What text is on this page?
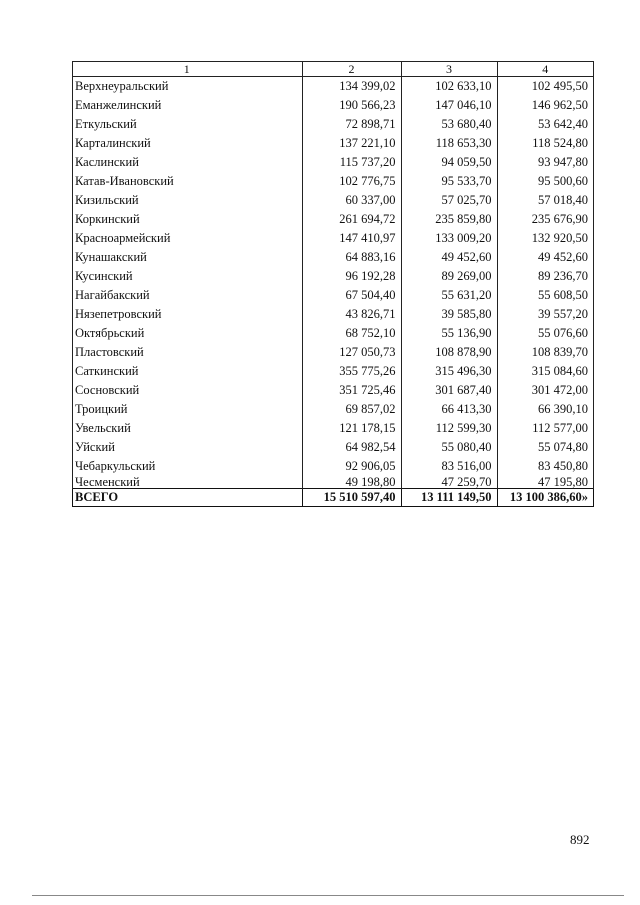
1	2	3	4
Верхнеуральский	134 399,02	102 633,10	102 495,50
Еманжелинский	190 566,23	147 046,10	146 962,50
Еткульский	72 898,71	53 680,40	53 642,40
Карталинский	137 221,10	118 653,30	118 524,80
Каслинский	115 737,20	94 059,50	93 947,80
Катав-Ивановский	102 776,75	95 533,70	95 500,60
Кизильский	60 337,00	57 025,70	57 018,40
Коркинский	261 694,72	235 859,80	235 676,90
Красноармейский	147 410,97	133 009,20	132 920,50
Кунашакский	64 883,16	49 452,60	49 452,60
Кусинский	96 192,28	89 269,00	89 236,70
Нагайбакский	67 504,40	55 631,20	55 608,50
Нязепетровский	43 826,71	39 585,80	39 557,20
Октябрьский	68 752,10	55 136,90	55 076,60
Пластовский	127 050,73	108 878,90	108 839,70
Саткинский	355 775,26	315 496,30	315 084,60
Сосновский	351 725,46	301 687,40	301 472,00
Троицкий	69 857,02	66 413,30	66 390,10
Увельский	121 178,15	112 599,30	112 577,00
Уйский	64 982,54	55 080,40	55 074,80
Чебаркульский	92 906,05	83 516,00	83 450,80
Чесменский	49 198,80	47 259,70	47 195,80
ВСЕГО	15 510 597,40	13 111 149,50	13 100 386,60»
892
